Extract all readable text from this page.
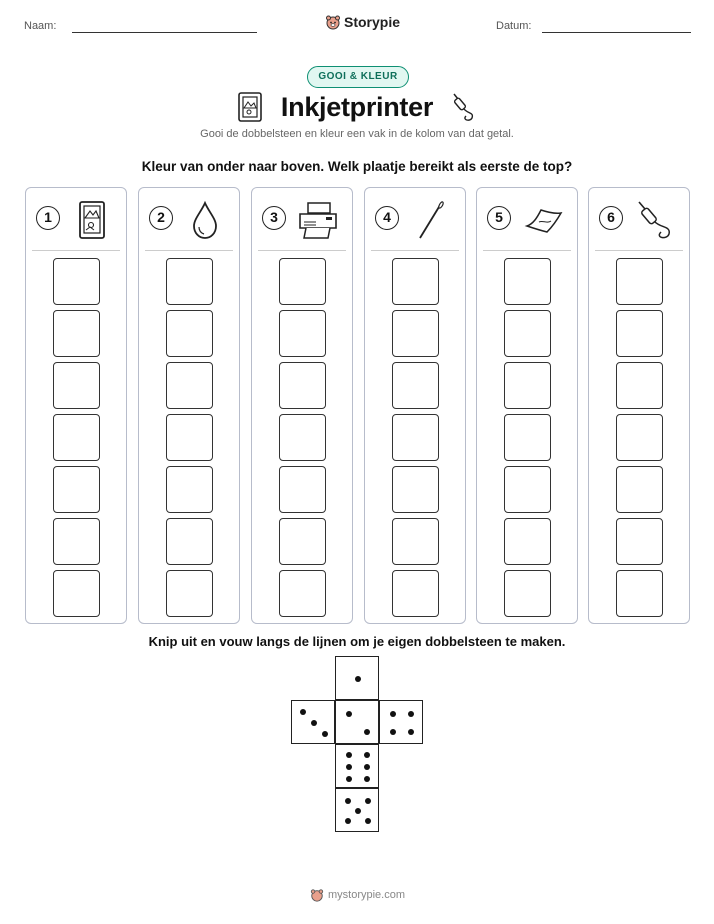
Naam:	Storypie	Datum:
GOOI & KLEUR
Inkjetprinter
Gooi de dobbelsteen en kleur een vak in de kolom van dat getal.
Kleur van onder naar boven. Welk plaatje bereikt als eerste de top?
1	2	3	4	5	6
Knip uit en vouw langs de lijnen om je eigen dobbelsteen te maken.
mystorypie.com
